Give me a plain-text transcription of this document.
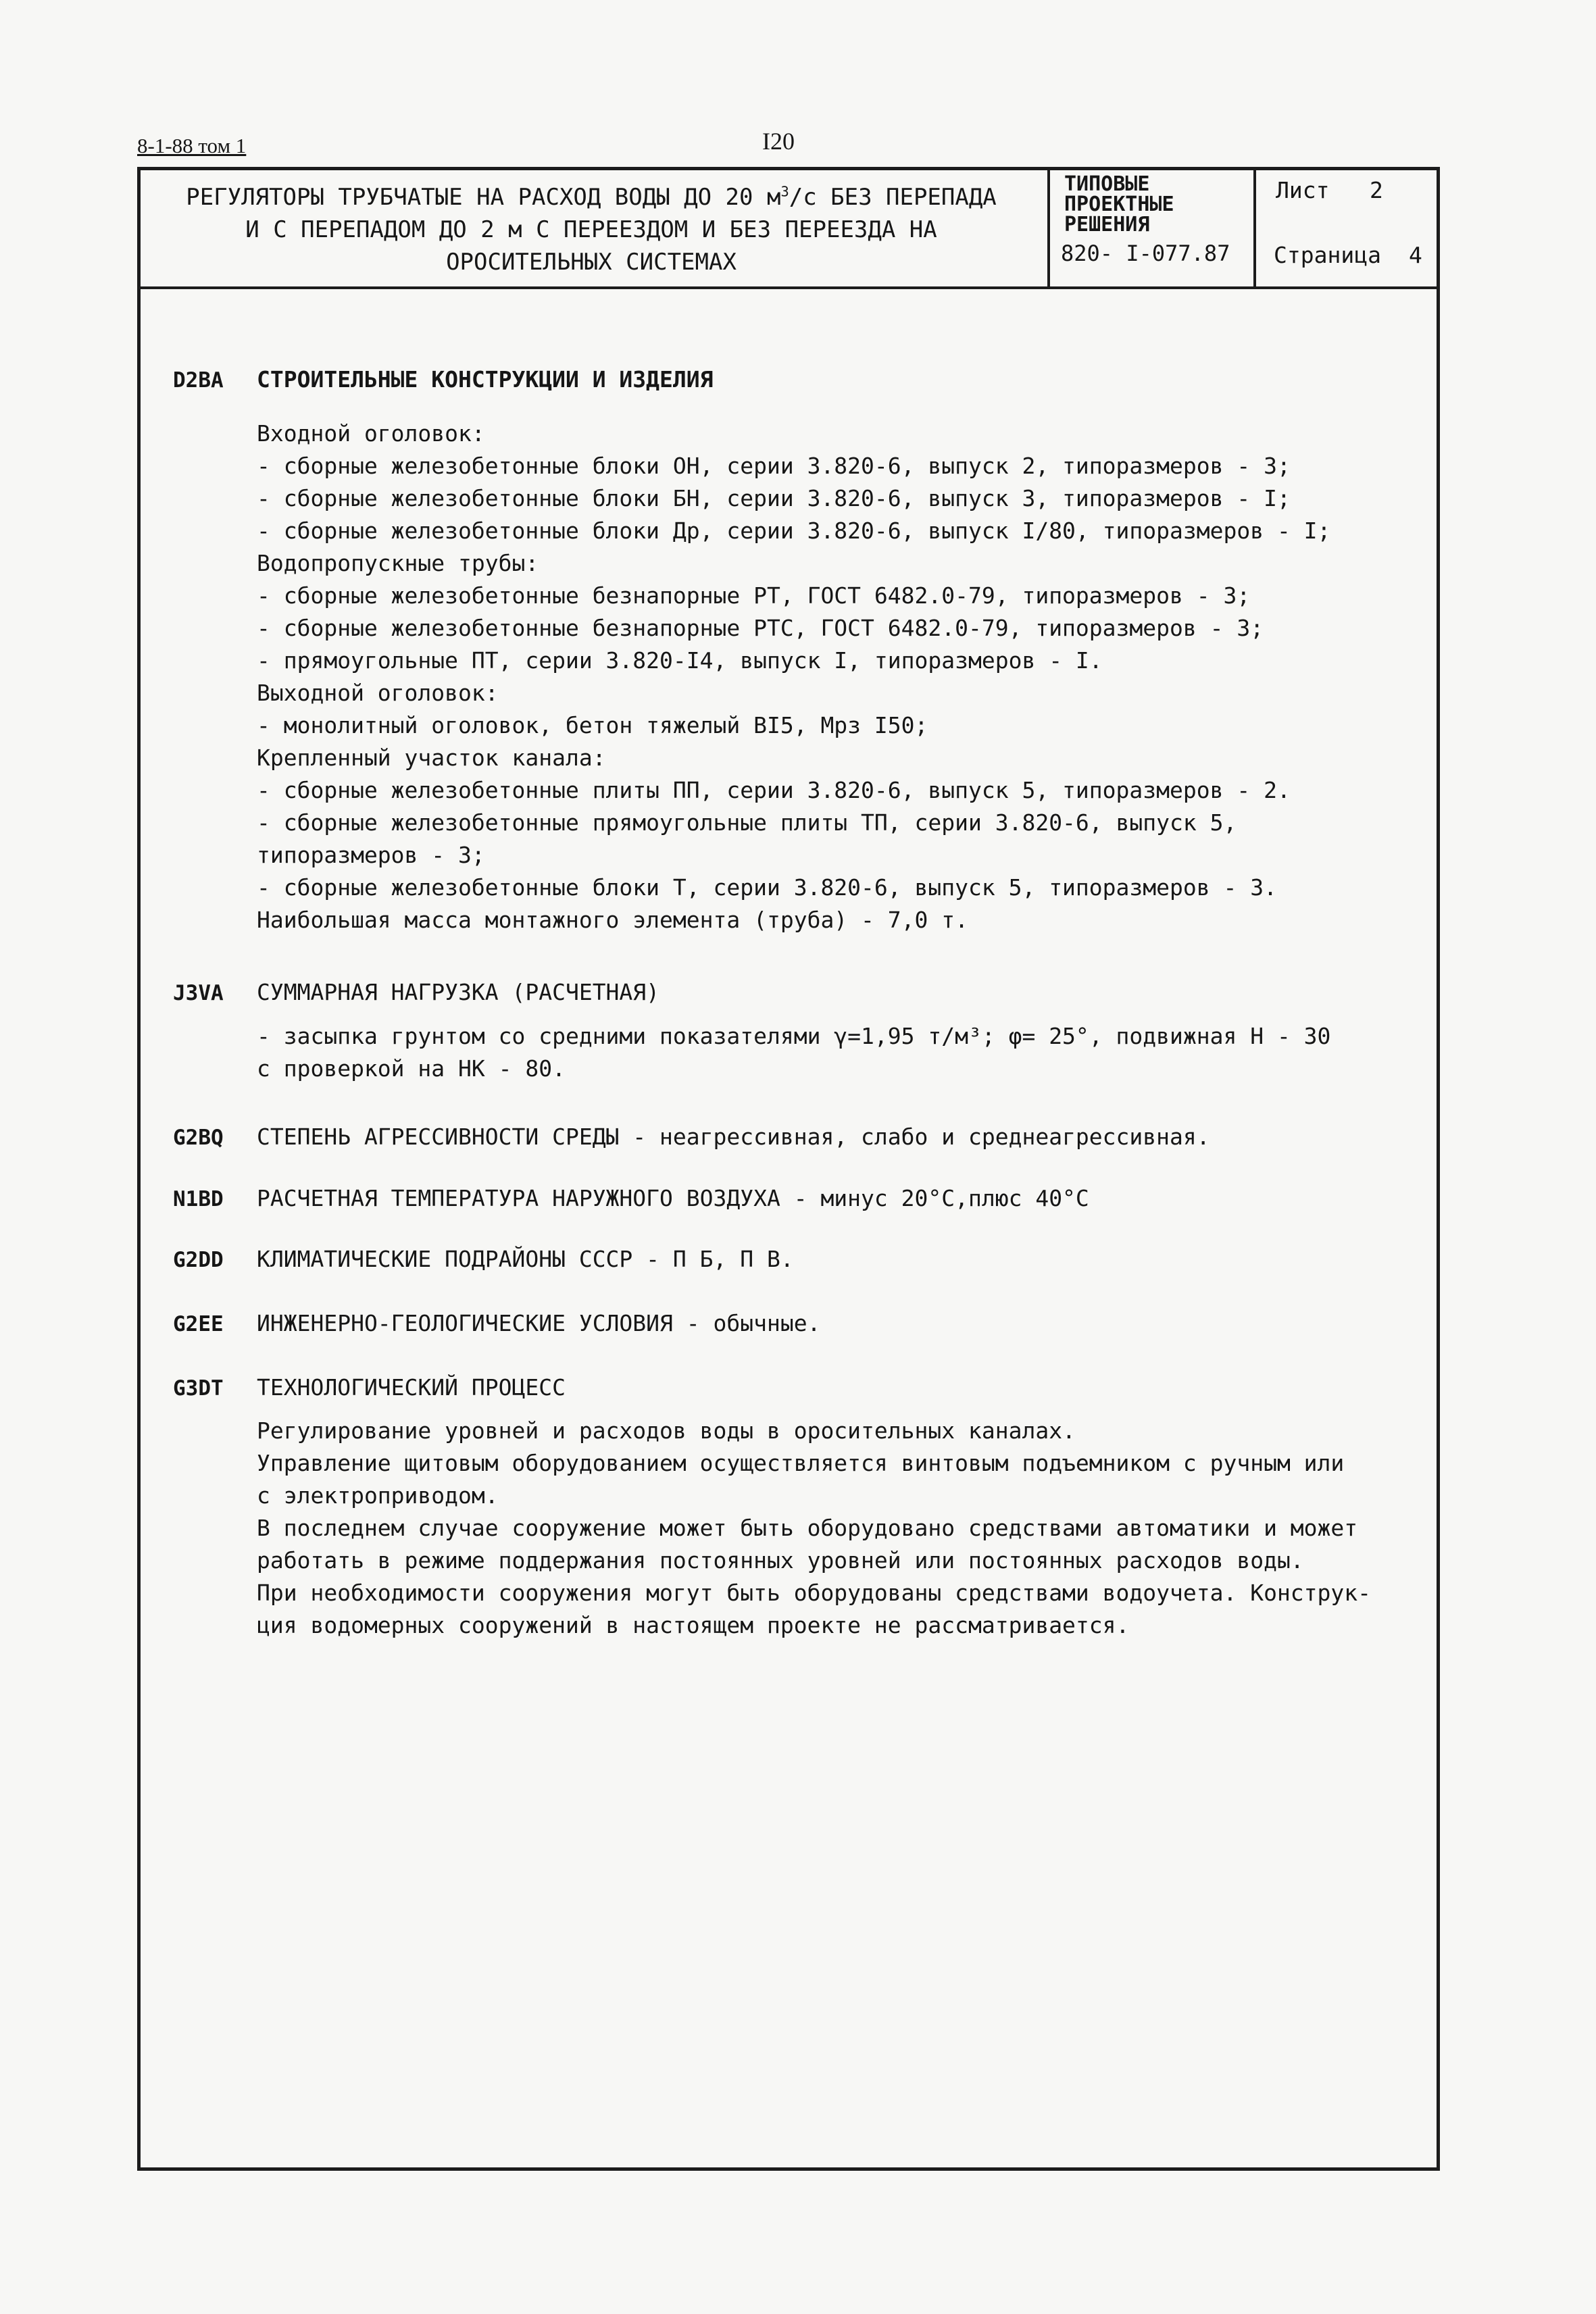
8-1-88 том 1	I20
РЕГУЛЯТОРЫ ТРУБЧАТЫЕ НА РАСХОД ВОДЫ ДО 20 $м^3/с$ БЕЗ ПЕРЕПАДА
И С ПЕРЕПАДОМ ДО 2 м С ПЕРЕЕЗДОМ И БЕЗ ПЕРЕЕЗДА НА
ОРОСИТЕЛЬНЫХ СИСТЕМАХ
ТИПОВЫЕ
ПРОЕКТНЫЕ
РЕШЕНИЯ
820- I-077.87
Лист 2
Страница 4
D2BA	СТРОИТЕЛЬНЫЕ КОНСТРУКЦИИ И ИЗДЕЛИЯ
Входной оголовок:
- сборные железобетонные блоки ОН, серии 3.820-6, выпуск 2, типоразмеров - 3;
- сборные железобетонные блоки БН, серии 3.820-6, выпуск 3, типоразмеров - I;
- сборные железобетонные блоки Др, серии 3.820-6, выпуск I/80, типоразмеров - I;
Водопропускные трубы:
- сборные железобетонные безнапорные РТ, ГОСТ 6482.0-79, типоразмеров - 3;
- сборные железобетонные безнапорные РТС, ГОСТ 6482.0-79, типоразмеров - 3;
- прямоугольные ПТ, серии 3.820-I4, выпуск I, типоразмеров - I.
Выходной оголовок:
- монолитный оголовок, бетон тяжелый BI5, Mрз I50;
Крепленный участок канала:
- сборные железобетонные плиты ПП, серии 3.820-6, выпуск 5, типоразмеров - 2.
- сборные железобетонные прямоугольные плиты ТП, серии 3.820-6, выпуск 5,
типоразмеров - 3;
- сборные железобетонные блоки Т, серии 3.820-6, выпуск 5, типоразмеров - 3.
Наибольшая масса монтажного элемента (труба) - 7,0 т.
J3VA	СУММАРНАЯ НАГРУЗКА (РАСЧЕТНАЯ)
- засыпка грунтом со средними показателями γ=1,95 т/м³; φ= 25°, подвижная Н - 30
с проверкой на НК - 80.
G2BQ	СТЕПЕНЬ АГРЕССИВНОСТИ СРЕДЫ - неагрессивная, слабо и среднеагрессивная.
N1BD	РАСЧЕТНАЯ ТЕМПЕРАТУРА НАРУЖНОГО ВОЗДУХА - минус 20°С,плюс 40°С
G2DD	КЛИМАТИЧЕСКИЕ ПОДРАЙОНЫ СССР - П Б, П В.
G2EE	ИНЖЕНЕРНО-ГЕОЛОГИЧЕСКИЕ УСЛОВИЯ - обычные.
G3DT	ТЕХНОЛОГИЧЕСКИЙ ПРОЦЕСС
Регулирование уровней и расходов воды в оросительных каналах.
Управление щитовым оборудованием осуществляется винтовым подъемником с ручным или
с электроприводом.
В последнем случае сооружение может быть оборудовано средствами автоматики и может
работать в режиме поддержания постоянных уровней или постоянных расходов воды.
При необходимости сооружения могут быть оборудованы средствами водоучета. Конструк-
ция водомерных сооружений в настоящем проекте не рассматривается.
